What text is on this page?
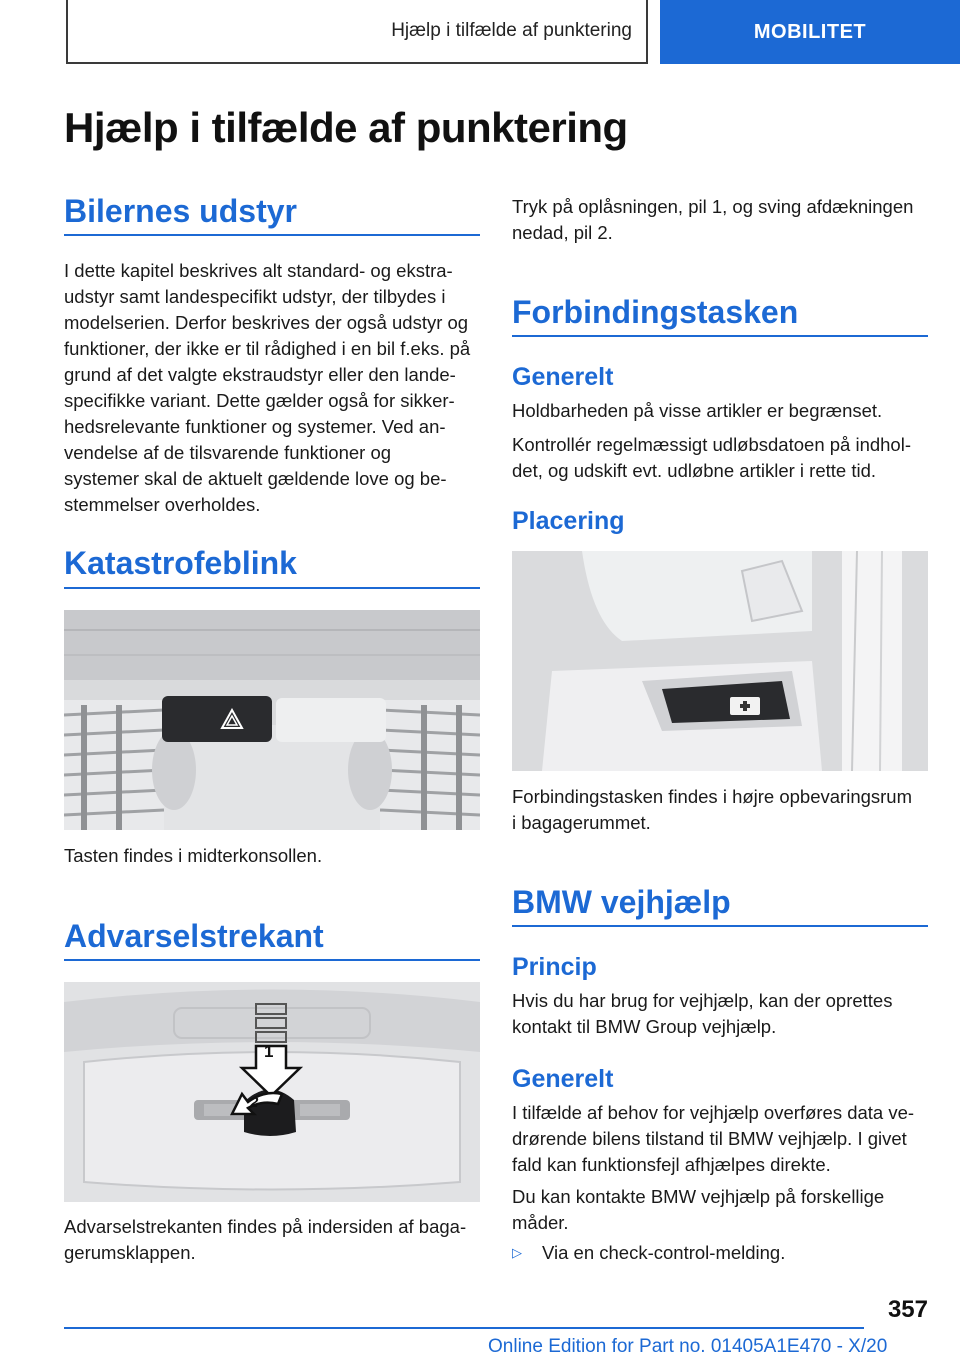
Hjælp i tilfælde af punktering	MOBILITET
Hjælp i tilfælde af punktering
Bilernes udstyr
I dette kapitel beskrives alt standard- og ekstra-
udstyr samt landespecifikt udstyr, der tilbydes i
modelserien. Derfor beskrives der også udstyr og
funktioner, der ikke er til rådighed i en bil f.eks. på
grund af det valgte ekstraudstyr eller den lande-
specifikke variant. Dette gælder også for sikker-
hedsrelevante funktioner og systemer. Ved an-
vendelse af de tilsvarende funktioner og
systemer skal de aktuelt gældende love og be-
stemmelser overholdes.
Katastrofeblink
Tasten findes i midterkonsollen.
Advarselstrekant
1
2
Advarselstrekanten findes på indersiden af baga-
gerumsklappen.
Tryk på oplåsningen, pil 1, og sving afdækningen
nedad, pil 2.
Forbindingstasken
Generelt
Holdbarheden på visse artikler er begrænset.
Kontrollér regelmæssigt udløbsdatoen på indhol-
det, og udskift evt. udløbne artikler i rette tid.
Placering
Forbindingstasken findes i højre opbevaringsrum
i bagagerummet.
BMW vejhjælp
Princip
Hvis du har brug for vejhjælp, kan der oprettes
kontakt til BMW Group vejhjælp.
Generelt
I tilfælde af behov for vejhjælp overføres data ve-
drørende bilens tilstand til BMW vejhjælp. I givet
fald kan funktionsfejl afhjælpes direkte.
Du kan kontakte BMW vejhjælp på forskellige
måder.
▷	Via en check-control-melding.
357
Online Edition for Part no. 01405A1E470 - X/20
